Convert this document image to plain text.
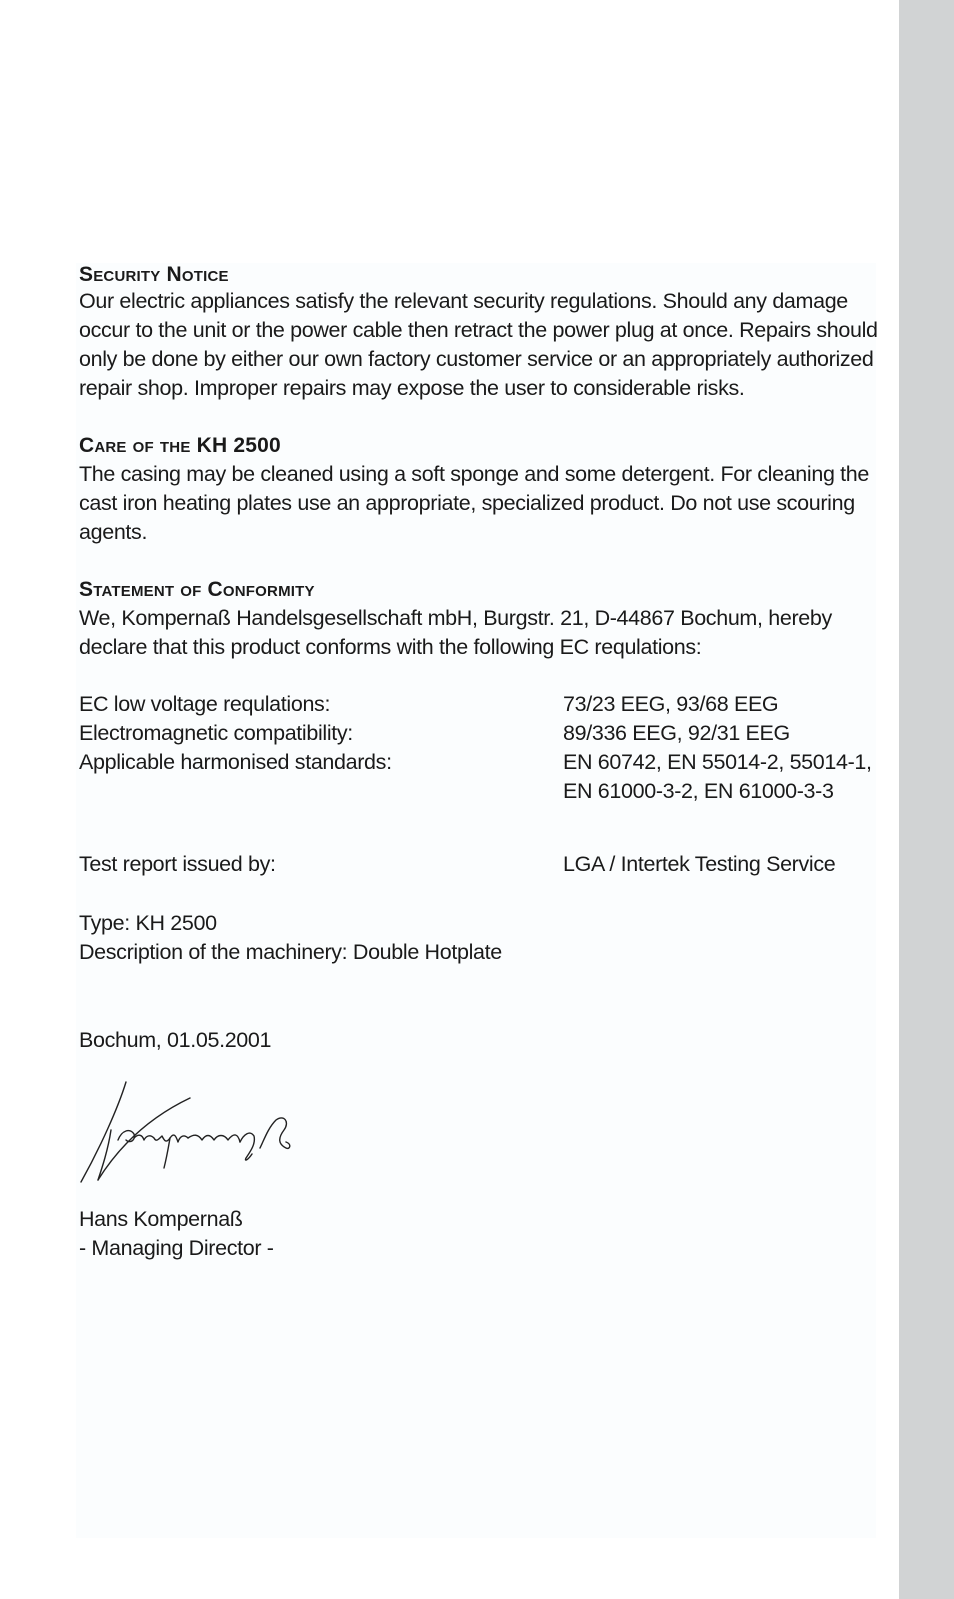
Security Notice

Our electric appliances satisfy the relevant security regulations. Should any damage occur to the unit or the power cable then retract the power plug at once. Repairs should only be done by either our own factory customer service or an appropriately authorized repair shop. Improper repairs may expose the user to considerable risks.

Care of the KH 2500

The casing may be cleaned using a soft sponge and some detergent. For cleaning the cast iron heating plates use an appropriate, specialized product. Do not use scouring agents.

Statement of Conformity

We, Kompernaß Handelsgesellschaft mbH, Burgstr. 21, D-44867 Bochum, hereby declare that this product conforms with the following EC requlations:

EC low voltage requlations:	73/23 EEG, 93/68 EEG
Electromagnetic compatibility:	89/336 EEG, 92/31 EEG
Applicable harmonised standards:	EN 60742, EN 55014-2, 55014-1,
EN 61000-3-2, EN 61000-3-3
Test report issued by:	LGA / Intertek Testing Service
Type: KH 2500
Description of the machinery: Double Hotplate
Bochum, 01.05.2001
Hans Kompernaß
- Managing Director -
